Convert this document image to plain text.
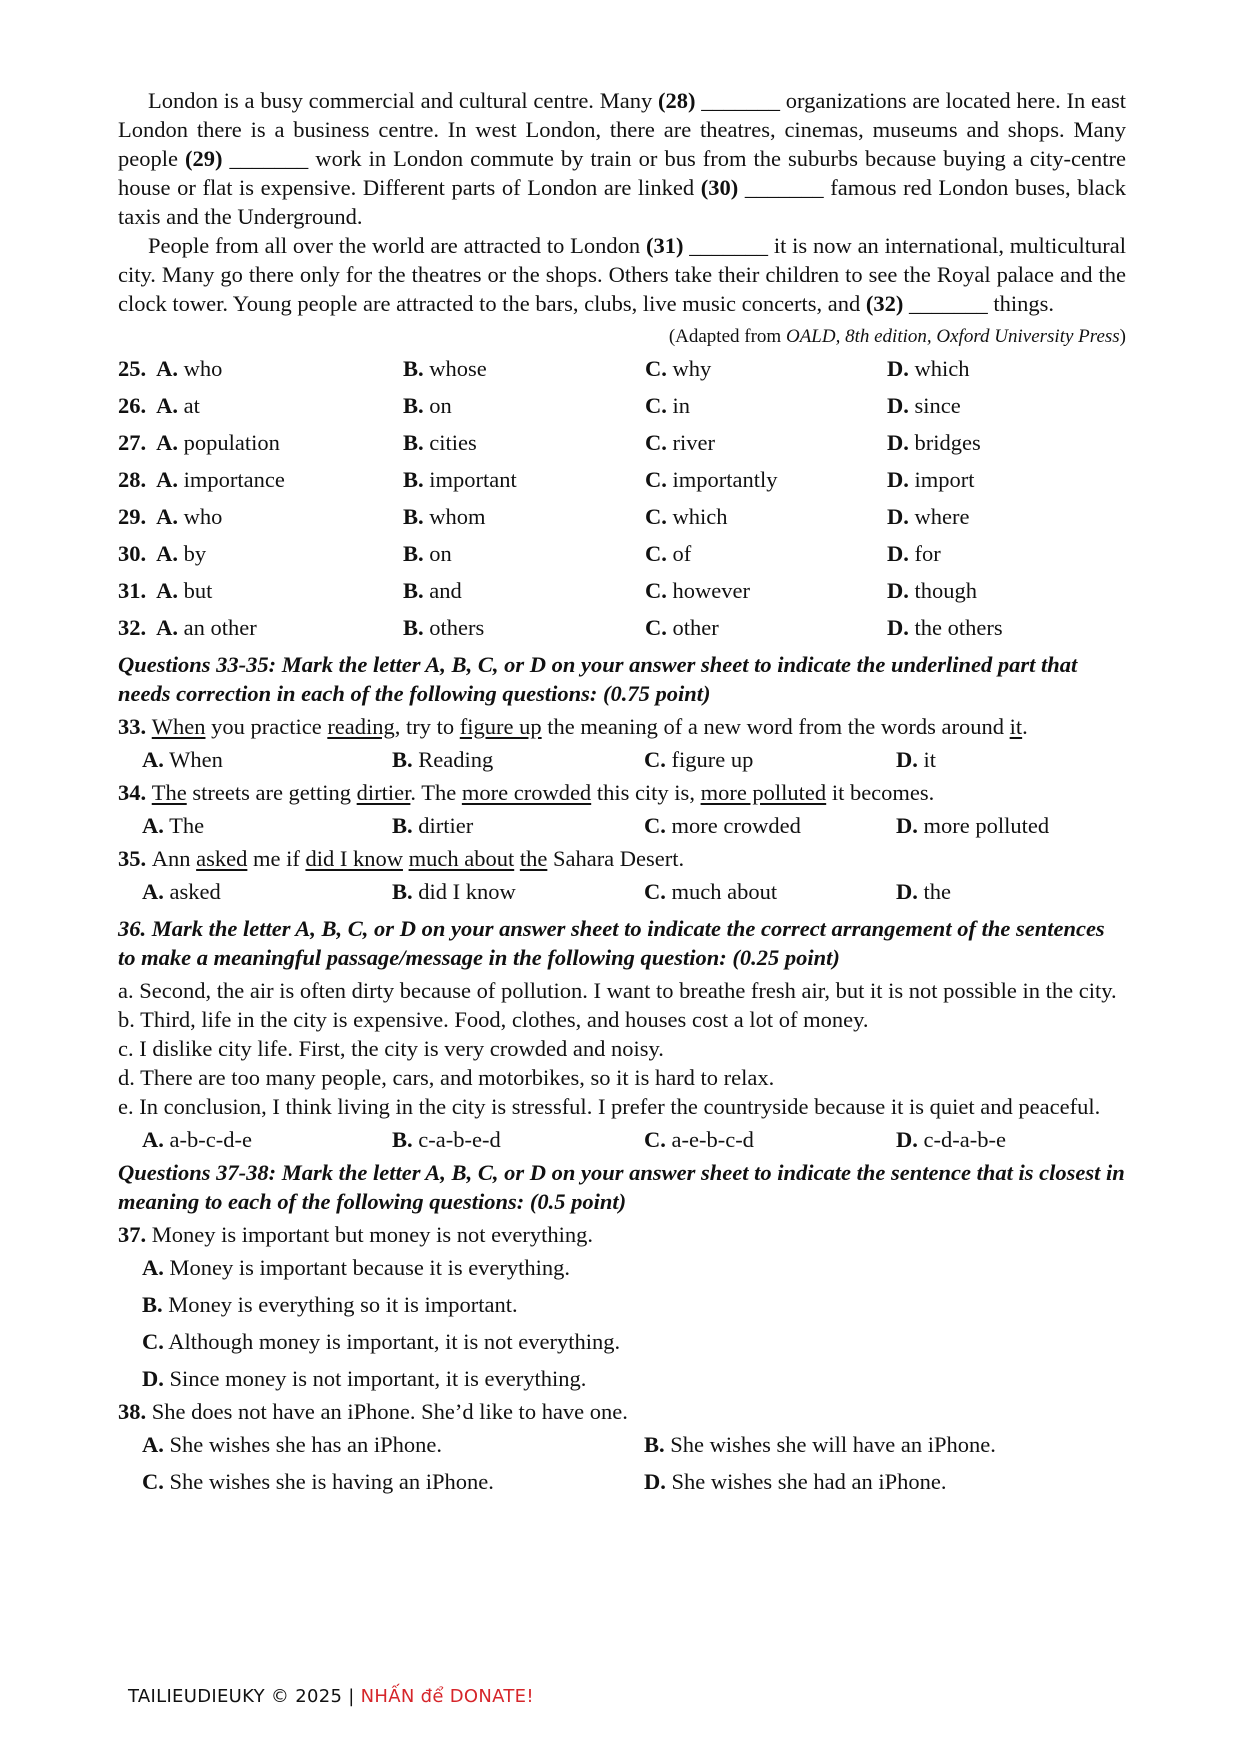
London is a busy commercial and cultural centre. Many (28) _______ organizations are located here. In east London there is a business centre. In west London, there are theatres, cinemas, museums and shops. Many people (29) _______ work in London commute by train or bus from the suburbs because buying a city-centre house or flat is expensive. Different parts of London are linked (30) _______ famous red London buses, black taxis and the Underground.

People from all over the world are attracted to London (31) _______ it is now an international, multicultural city. Many go there only for the theatres or the shops. Others take their children to see the Royal palace and the clock tower. Young people are attracted to the bars, clubs, live music concerts, and (32) _______ things.

(Adapted from OALD, 8th edition, Oxford University Press)

25.  A. who	B. whose	C. why	D. which
26.  A. at	B. on	C. in	D. since
27.  A. population	B. cities	C. river	D. bridges
28.  A. importance	B. important	C. importantly	D. import
29.  A. who	B. whom	C. which	D. where
30.  A. by	B. on	C. of	D. for
31.  A. but	B. and	C. however	D. though
32.  A. an other	B. others	C. other	D. the others

Questions 33-35: Mark the letter A, B, C, or D on your answer sheet to indicate the underlined part that needs correction in each of the following questions: (0.75 point)

33. When you practice reading, try to figure up the meaning of a new word from the words around it.

A. When	B. Reading	C. figure up	D. it

34. The streets are getting dirtier. The more crowded this city is, more polluted it becomes.

A. The	B. dirtier	C. more crowded	D. more polluted

35. Ann asked me if did I know much about the Sahara Desert.

A. asked	B. did I know	C. much about	D. the

36. Mark the letter A, B, C, or D on your answer sheet to indicate the correct arrangement of the sentences to make a meaningful passage/message in the following question: (0.25 point)

a. Second, the air is often dirty because of pollution. I want to breathe fresh air, but it is not possible in the city.

b. Third, life in the city is expensive. Food, clothes, and houses cost a lot of money.

c. I dislike city life. First, the city is very crowded and noisy.

d. There are too many people, cars, and motorbikes, so it is hard to relax.

e. In conclusion, I think living in the city is stressful. I prefer the countryside because it is quiet and peaceful.

A. a-b-c-d-e	B. c-a-b-e-d	C. a-e-b-c-d	D. c-d-a-b-e

Questions 37-38: Mark the letter A, B, C, or D on your answer sheet to indicate the sentence that is closest in meaning to each of the following questions: (0.5 point)

37. Money is important but money is not everything.

A. Money is important because it is everything.
B. Money is everything so it is important.
C. Although money is important, it is not everything.
D. Since money is not important, it is everything.

38. She does not have an iPhone. She’d like to have one.

A. She wishes she has an iPhone.	B. She wishes she will have an iPhone.
C. She wishes she is having an iPhone.	D. She wishes she had an iPhone.
TAILIEUDIEUKY © 2025 | NHẤN để DONATE!
